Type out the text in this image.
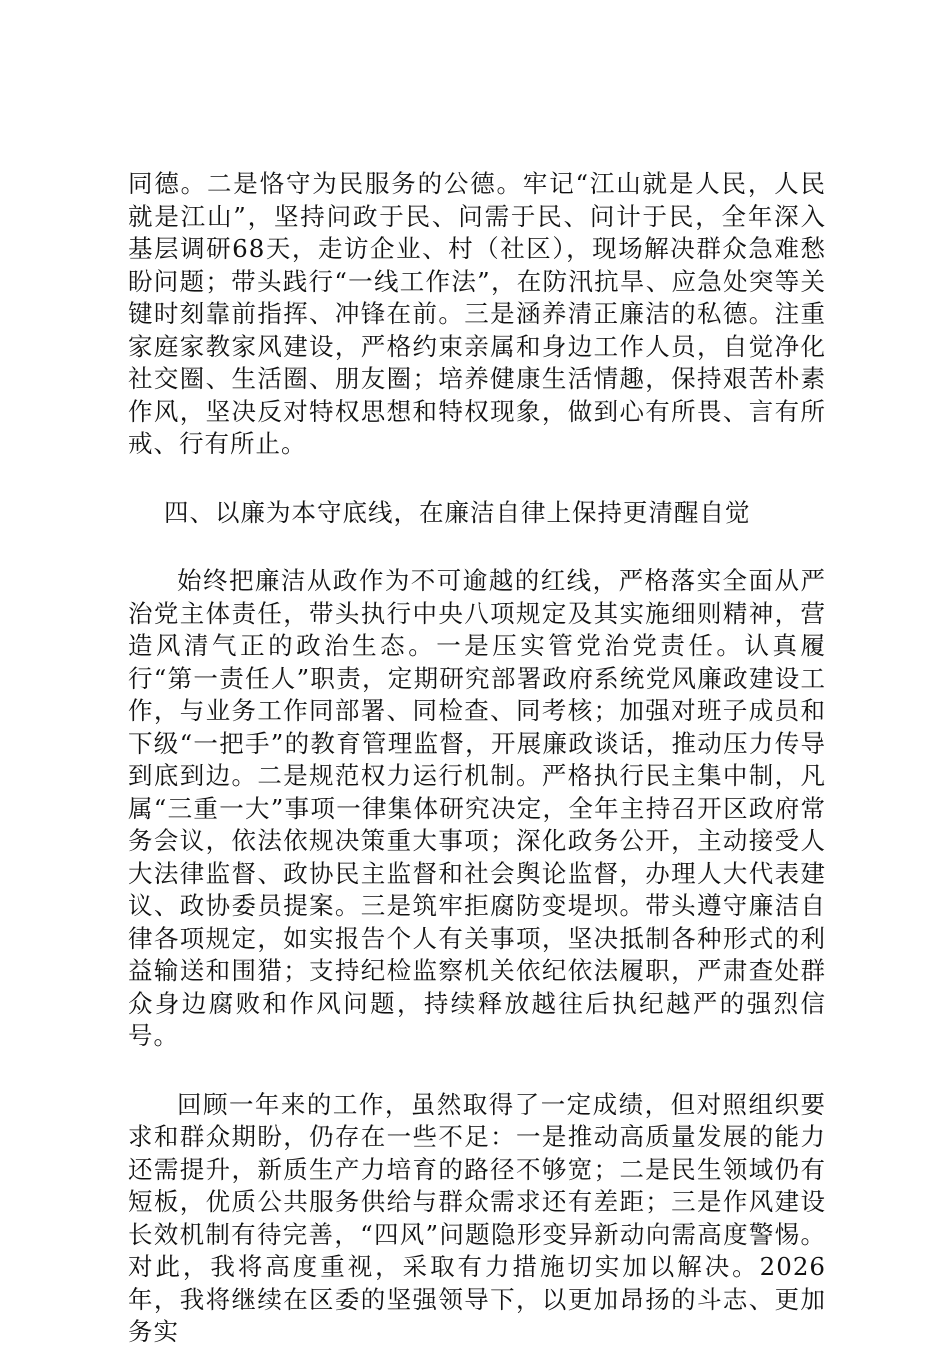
同德。二是恪守为民服务的公德。牢记“江山就是人民，人民就是江山”，坚持问政于民、问需于民、问计于民，全年深入基层调研68天，走访企业、村（社区），现场解决群众急难愁盼问题；带头践行“一线工作法”，在防汛抗旱、应急处突等关键时刻靠前指挥、冲锋在前。三是涵养清正廉洁的私德。注重家庭家教家风建设，严格约束亲属和身边工作人员，自觉净化社交圈、生活圈、朋友圈；培养健康生活情趣，保持艰苦朴素作风，坚决反对特权思想和特权现象，做到心有所畏、言有所戒、行有所止。

四、以廉为本守底线，在廉洁自律上保持更清醒自觉

始终把廉洁从政作为不可逾越的红线，严格落实全面从严治党主体责任，带头执行中央八项规定及其实施细则精神，营造风清气正的政治生态。一是压实管党治党责任。认真履行“第一责任人”职责，定期研究部署政府系统党风廉政建设工作，与业务工作同部署、同检查、同考核；加强对班子成员和下级“一把手”的教育管理监督，开展廉政谈话，推动压力传导到底到边。二是规范权力运行机制。严格执行民主集中制，凡属“三重一大”事项一律集体研究决定，全年主持召开区政府常务会议，依法依规决策重大事项；深化政务公开，主动接受人大法律监督、政协民主监督和社会舆论监督，办理人大代表建议、政协委员提案。三是筑牢拒腐防变堤坝。带头遵守廉洁自律各项规定，如实报告个人有关事项，坚决抵制各种形式的利益输送和围猎；支持纪检监察机关依纪依法履职，严肃查处群众身边腐败和作风问题，持续释放越往后执纪越严的强烈信号。

回顾一年来的工作，虽然取得了一定成绩，但对照组织要求和群众期盼，仍存在一些不足：一是推动高质量发展的能力还需提升，新质生产力培育的路径不够宽；二是民生领域仍有短板，优质公共服务供给与群众需求还有差距；三是作风建设长效机制有待完善，“四风”问题隐形变异新动向需高度警惕。对此，我将高度重视，采取有力措施切实加以解决。2026年，我将继续在区委的坚强领导下，以更加昂扬的斗志、更加务实
